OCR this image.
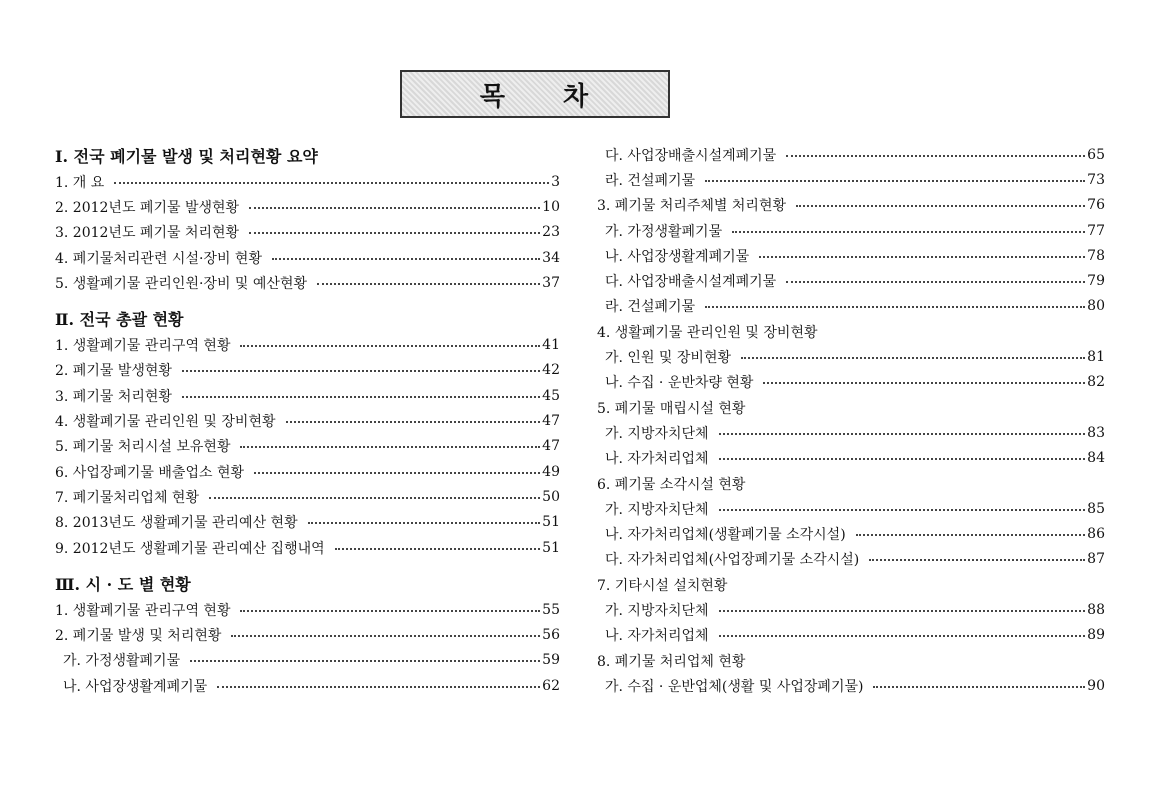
목 차
Ⅰ. 전국 폐기물 발생 및 처리현황 요약
1. 개 요	3
2. 2012년도 폐기물 발생현황	10
3. 2012년도 폐기물 처리현황	23
4. 폐기물처리관련 시설·장비 현황	34
5. 생활폐기물 관리인원·장비 및 예산현황	37
Ⅱ. 전국 총괄 현황
1. 생활폐기물 관리구역 현황	41
2. 폐기물 발생현황	42
3. 폐기물 처리현황	45
4. 생활폐기물 관리인원 및 장비현황	47
5. 폐기물 처리시설 보유현황	47
6. 사업장폐기물 배출업소 현황	49
7. 폐기물처리업체 현황	50
8. 2013년도 생활폐기물 관리예산 현황	51
9. 2012년도 생활폐기물 관리예산 집행내역	51
Ⅲ. 시 · 도 별 현황
1. 생활폐기물 관리구역 현황	55
2. 폐기물 발생 및 처리현황	56
가. 가정생활폐기물	59
나. 사업장생활계폐기물	62
다. 사업장배출시설계폐기물	65
라. 건설폐기물	73
3. 폐기물 처리주체별 처리현황	76
가. 가정생활폐기물	77
나. 사업장생활계폐기물	78
다. 사업장배출시설계폐기물	79
라. 건설폐기물	80
4. 생활폐기물 관리인원 및 장비현황
가. 인원 및 장비현황	81
나. 수집 · 운반차량 현황	82
5. 폐기물 매립시설 현황
가. 지방자치단체	83
나. 자가처리업체	84
6. 폐기물 소각시설 현황
가. 지방자치단체	85
나. 자가처리업체(생활폐기물 소각시설)	86
다. 자가처리업체(사업장폐기물 소각시설)	87
7. 기타시설 설치현황
가. 지방자치단체	88
나. 자가처리업체	89
8. 폐기물 처리업체 현황
가. 수집 · 운반업체(생활 및 사업장폐기물)	90
